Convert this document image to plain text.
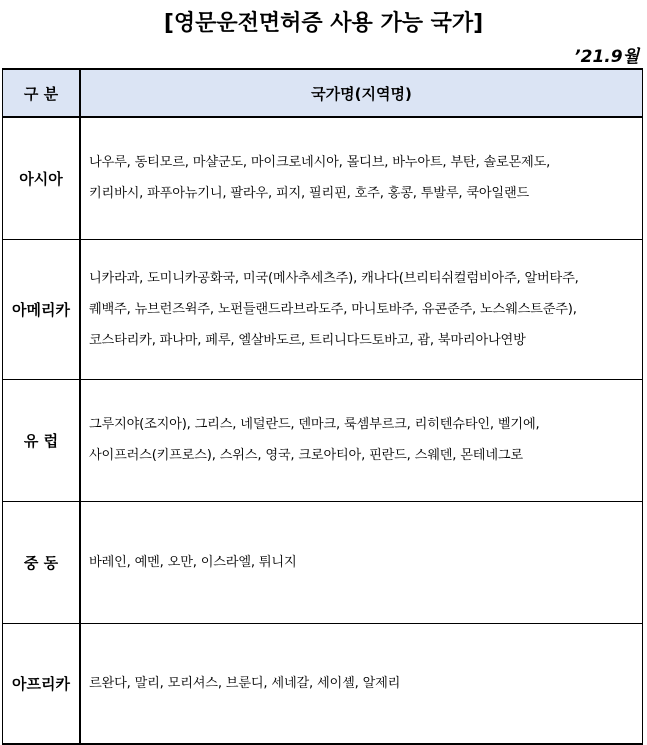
[영문운전면허증 사용 가능 국가]
’21.9월
구 분	국가명(지역명)
아시아	나우루, 동티모르, 마샬군도, 마이크로네시아, 몰디브, 바누아트, 부탄, 솔로몬제도,
키리바시, 파푸아뉴기니, 팔라우, 피지, 필리핀, 호주, 홍콩, 투발루, 쿡아일랜드

아메리카	니카라과, 도미니카공화국, 미국(메사추세츠주), 캐나다(브리티쉬컬럼비아주, 알버타주,
퀘백주, 뉴브런즈윅주, 노펀들랜드라브라도주, 마니토바주, 유콘준주, 노스웨스트준주),
코스타리카, 파나마, 페루, 엘살바도르, 트리니다드토바고, 괌, 북마리아나연방

유 럽	그루지야(조지아), 그리스, 네덜란드, 덴마크, 룩셈부르크, 리히텐슈타인, 벨기에,
사이프러스(키프로스), 스위스, 영국, 크로아티아, 핀란드, 스웨덴, 몬테네그로

중 동	바레인, 예멘, 오만, 이스라엘, 튀니지

아프리카	르완다, 말리, 모리셔스, 브룬디, 세네갈, 세이셸, 알제리
